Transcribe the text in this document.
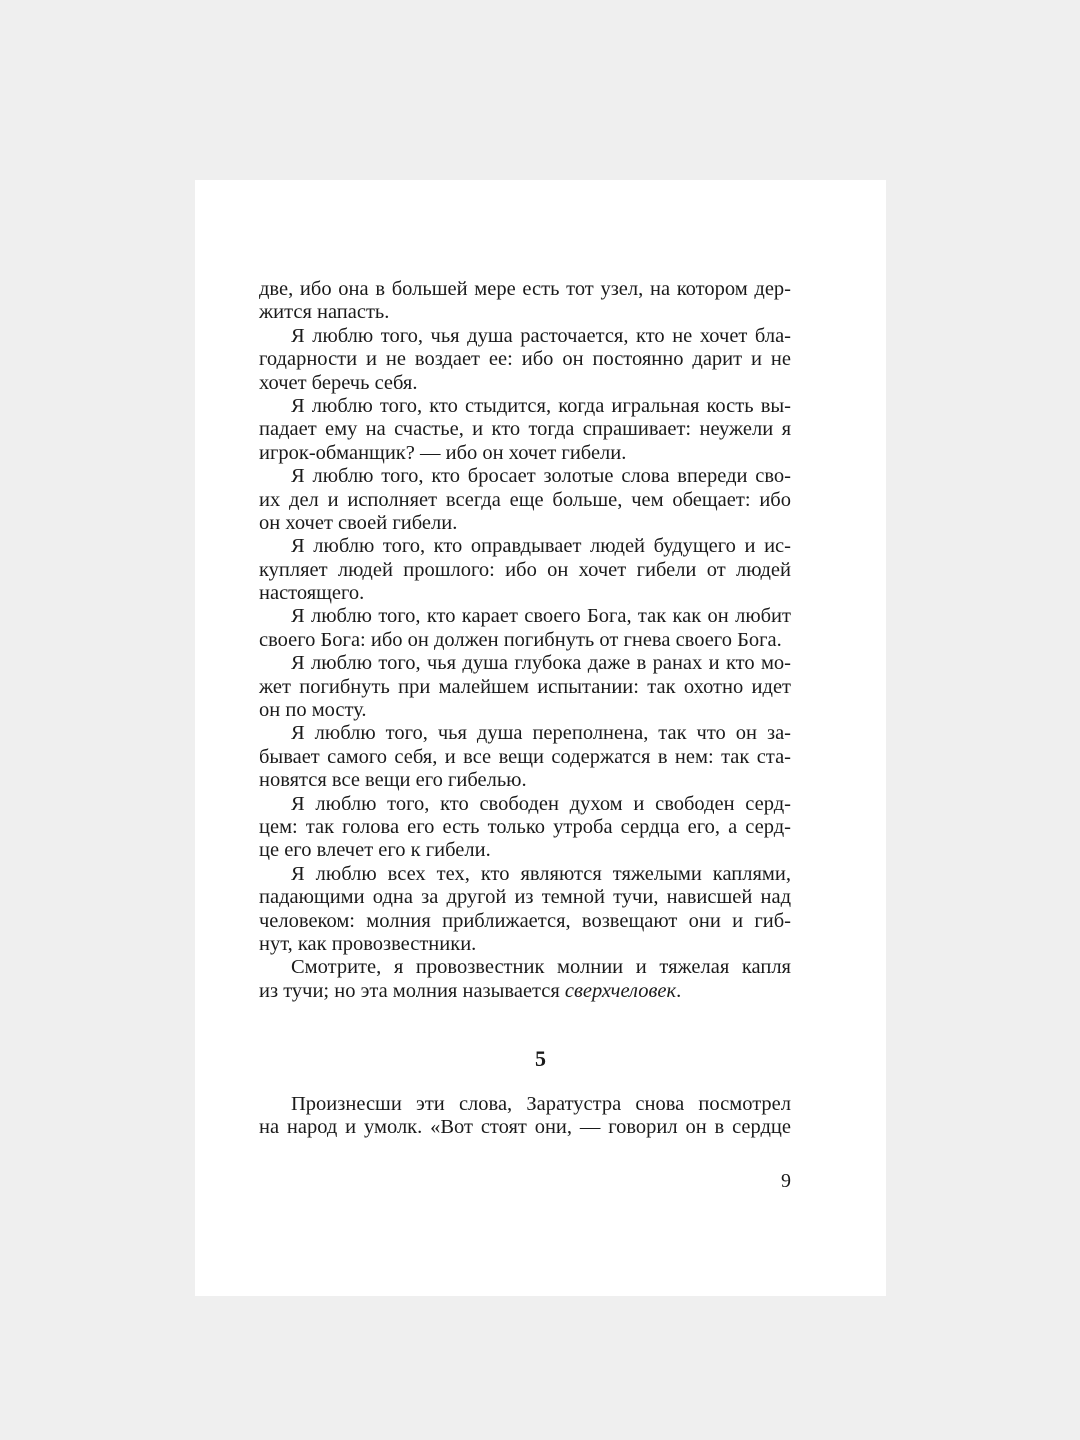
две, ибо она в большей мере есть тот узел, на котором дер-
жится напасть.
Я люблю того, чья душа расточается, кто не хочет бла-
годарности и не воздает ее: ибо он постоянно дарит и не
хочет беречь себя.
Я люблю того, кто стыдится, когда игральная кость вы-
падает ему на счастье, и кто тогда спрашивает: неужели я
игрок-обманщик? — ибо он хочет гибели.
Я люблю того, кто бросает золотые слова впереди сво-
их дел и исполняет всегда еще больше, чем обещает: ибо
он хочет своей гибели.
Я люблю того, кто оправдывает людей будущего и ис-
купляет людей прошлого: ибо он хочет гибели от людей
настоящего.
Я люблю того, кто карает своего Бога, так как он любит
своего Бога: ибо он должен погибнуть от гнева своего Бога.
Я люблю того, чья душа глубока даже в ранах и кто мо-
жет погибнуть при малейшем испытании: так охотно идет
он по мосту.
Я люблю того, чья душа переполнена, так что он за-
бывает самого себя, и все вещи содержатся в нем: так ста-
новятся все вещи его гибелью.
Я люблю того, кто свободен духом и свободен серд-
цем: так голова его есть только утроба сердца его, а серд-
це его влечет его к гибели.
Я люблю всех тех, кто являются тяжелыми каплями,
падающими одна за другой из темной тучи, нависшей над
человеком: молния приближается, возвещают они и гиб-
нут, как провозвестники.
Смотрите, я провозвестник молнии и тяжелая капля
из тучи; но эта молния называется сверхчеловек.
5
Произнесши эти слова, Заратустра снова посмотрел
на народ и умолк. «Вот стоят они, — говорил он в сердце
9
